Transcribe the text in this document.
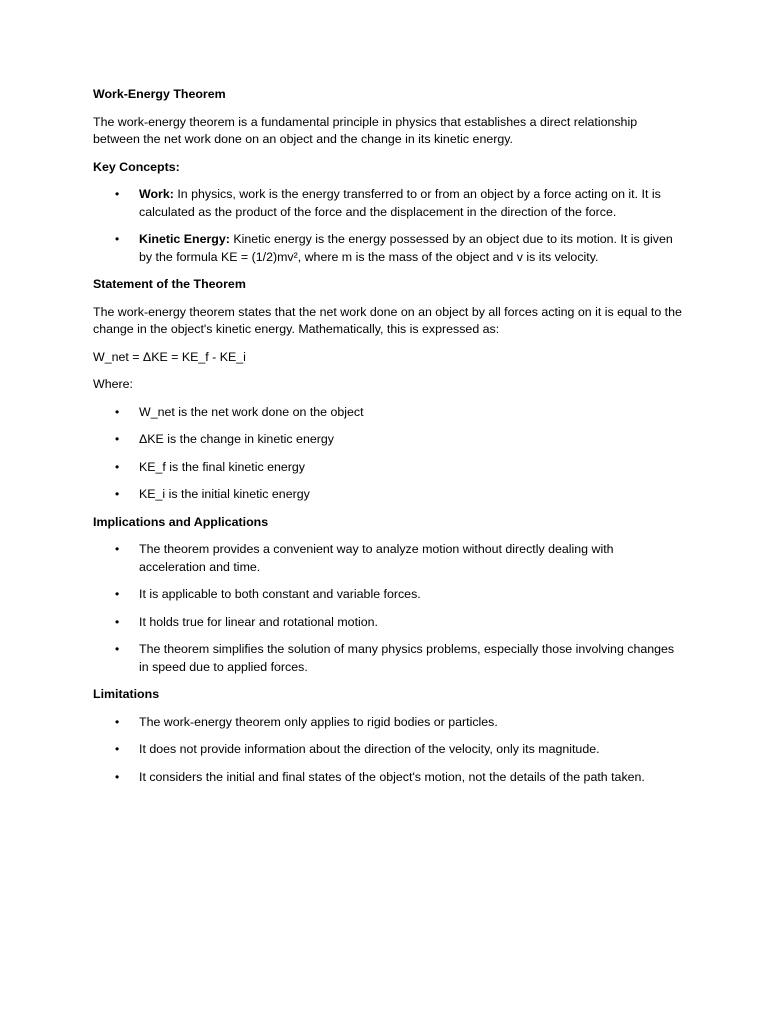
Work-Energy Theorem
The work-energy theorem is a fundamental principle in physics that establishes a direct relationship between the net work done on an object and the change in its kinetic energy.
Key Concepts:
• Work: In physics, work is the energy transferred to or from an object by a force acting on it. It is calculated as the product of the force and the displacement in the direction of the force.
• Kinetic Energy: Kinetic energy is the energy possessed by an object due to its motion. It is given by the formula KE = (1/2)mv², where m is the mass of the object and v is its velocity.
Statement of the Theorem
The work-energy theorem states that the net work done on an object by all forces acting on it is equal to the change in the object's kinetic energy. Mathematically, this is expressed as:
W_net = ΔKE = KE_f - KE_i
Where:
• W_net is the net work done on the object
• ΔKE is the change in kinetic energy
• KE_f is the final kinetic energy
• KE_i is the initial kinetic energy
Implications and Applications
• The theorem provides a convenient way to analyze motion without directly dealing with acceleration and time.
• It is applicable to both constant and variable forces.
• It holds true for linear and rotational motion.
• The theorem simplifies the solution of many physics problems, especially those involving changes in speed due to applied forces.
Limitations
• The work-energy theorem only applies to rigid bodies or particles.
• It does not provide information about the direction of the velocity, only its magnitude.
• It considers the initial and final states of the object's motion, not the details of the path taken.
